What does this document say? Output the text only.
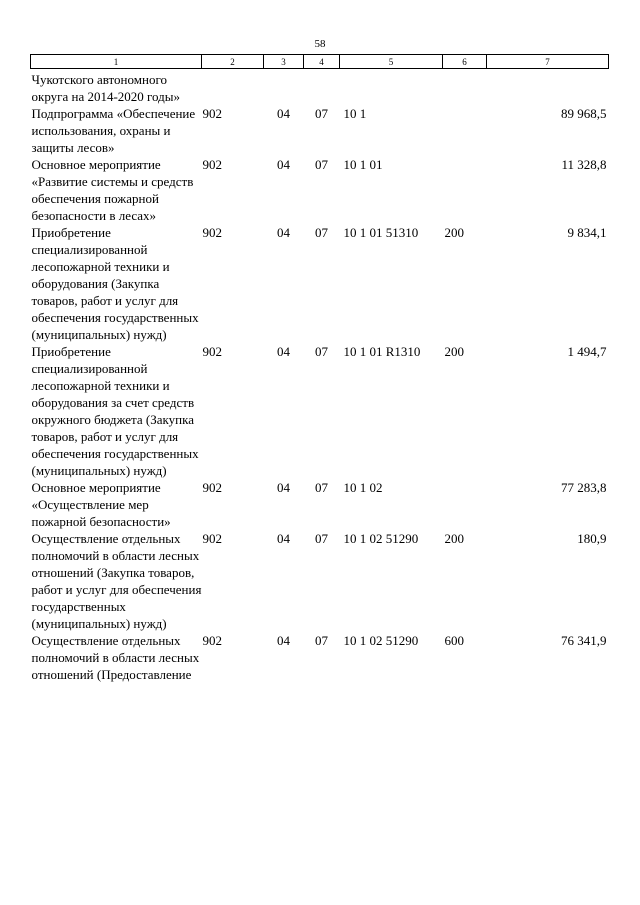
58
1	2	3	4	5	6	7
Чукотского автономного округа на 2014-2020 годы»						
Подпрограмма «Обеспечение использования, охраны и защиты лесов»	902	04	07	10 1		89 968,5
Основное мероприятие «Развитие системы и средств обеспечения пожарной безопасности в лесах»	902	04	07	10 1 01		11 328,8
Приобретение специализированной лесопожарной техники и оборудования (Закупка товаров, работ и услуг для обеспечения государственных (муниципальных) нужд)	902	04	07	10 1 01 51310	200	9 834,1
Приобретение специализированной лесопожарной техники и оборудования за счет средств окружного бюджета (Закупка товаров, работ и услуг для обеспечения государственных (муниципальных) нужд)	902	04	07	10 1 01 R1310	200	1 494,7
Основное мероприятие «Осуществление мер пожарной безопасности»	902	04	07	10 1 02		77 283,8
Осуществление отдельных полномочий в области лесных отношений (Закупка товаров, работ и услуг для обеспечения государственных (муниципальных) нужд)	902	04	07	10 1 02 51290	200	180,9
Осуществление отдельных полномочий в области лесных отношений (Предоставление	902	04	07	10 1 02 51290	600	76 341,9
